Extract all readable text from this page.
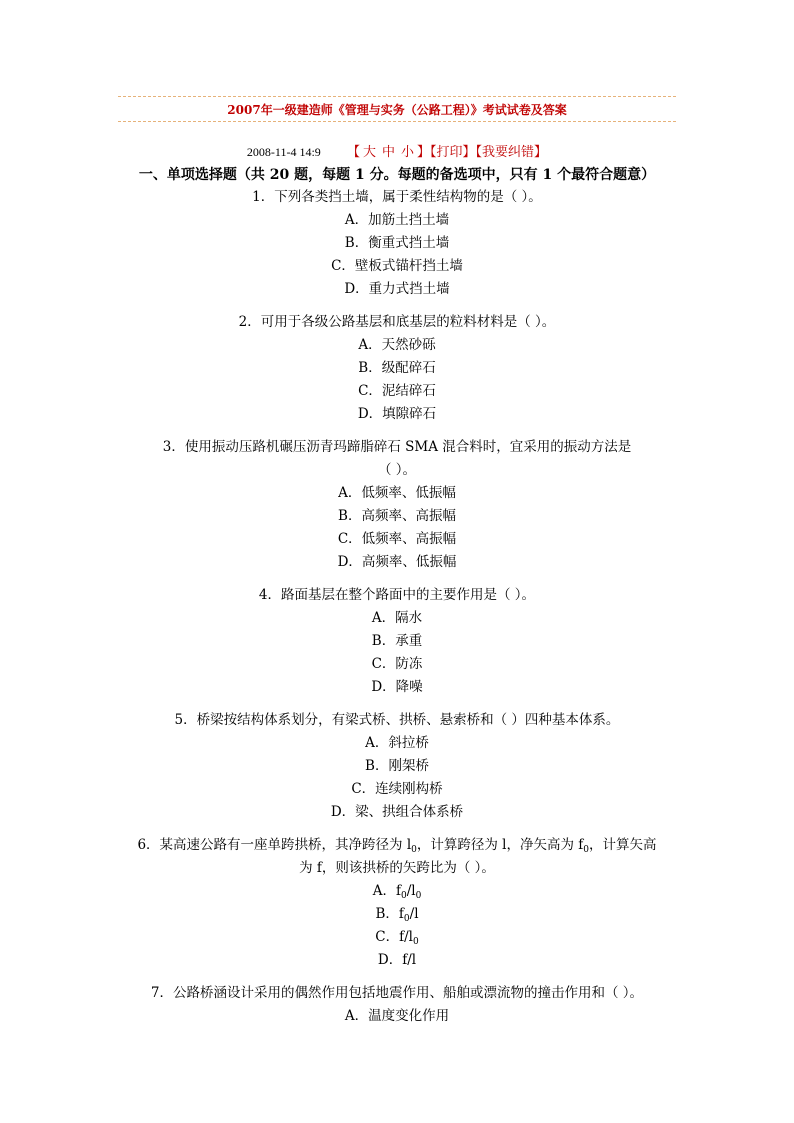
2007年一级建造师《管理与实务（公路工程）》考试试卷及答案
2008-11-4 14:9 【 大 中 小 】【打印】【我要纠错】
一、单项选择题（共 20 题，每题 1 分。每题的备选项中，只有 1 个最符合题意）
1．下列各类挡土墙，属于柔性结构物的是（ ）。
A．加筋土挡土墙
B．衡重式挡土墙
C．壁板式锚杆挡土墙
D．重力式挡土墙
2．可用于各级公路基层和底基层的粒料材料是（ ）。
A．天然砂砾
B．级配碎石
C．泥结碎石
D．填隙碎石
3．使用振动压路机碾压沥青玛蹄脂碎石 SMA 混合料时，宜采用的振动方法是
（ ）。
A．低频率、低振幅
B．高频率、高振幅
C．低频率、高振幅
D．高频率、低振幅
4．路面基层在整个路面中的主要作用是（ ）。
A．隔水
B．承重
C．防冻
D．降噪
5．桥梁按结构体系划分，有梁式桥、拱桥、悬索桥和（ ）四种基本体系。
A．斜拉桥
B．刚架桥
C．连续刚构桥
D．梁、拱组合体系桥
6．某高速公路有一座单跨拱桥，其净跨径为 $l_0$，计算跨径为 l，净矢高为 $f_0$，计算矢高
为 f，则该拱桥的矢跨比为（ ）。
A．$f_0/l_0$
B．$f_0/l$
C．$f/l_0$
D．f/l
7．公路桥涵设计采用的偶然作用包括地震作用、船舶或漂流物的撞击作用和（ ）。
A．温度变化作用
